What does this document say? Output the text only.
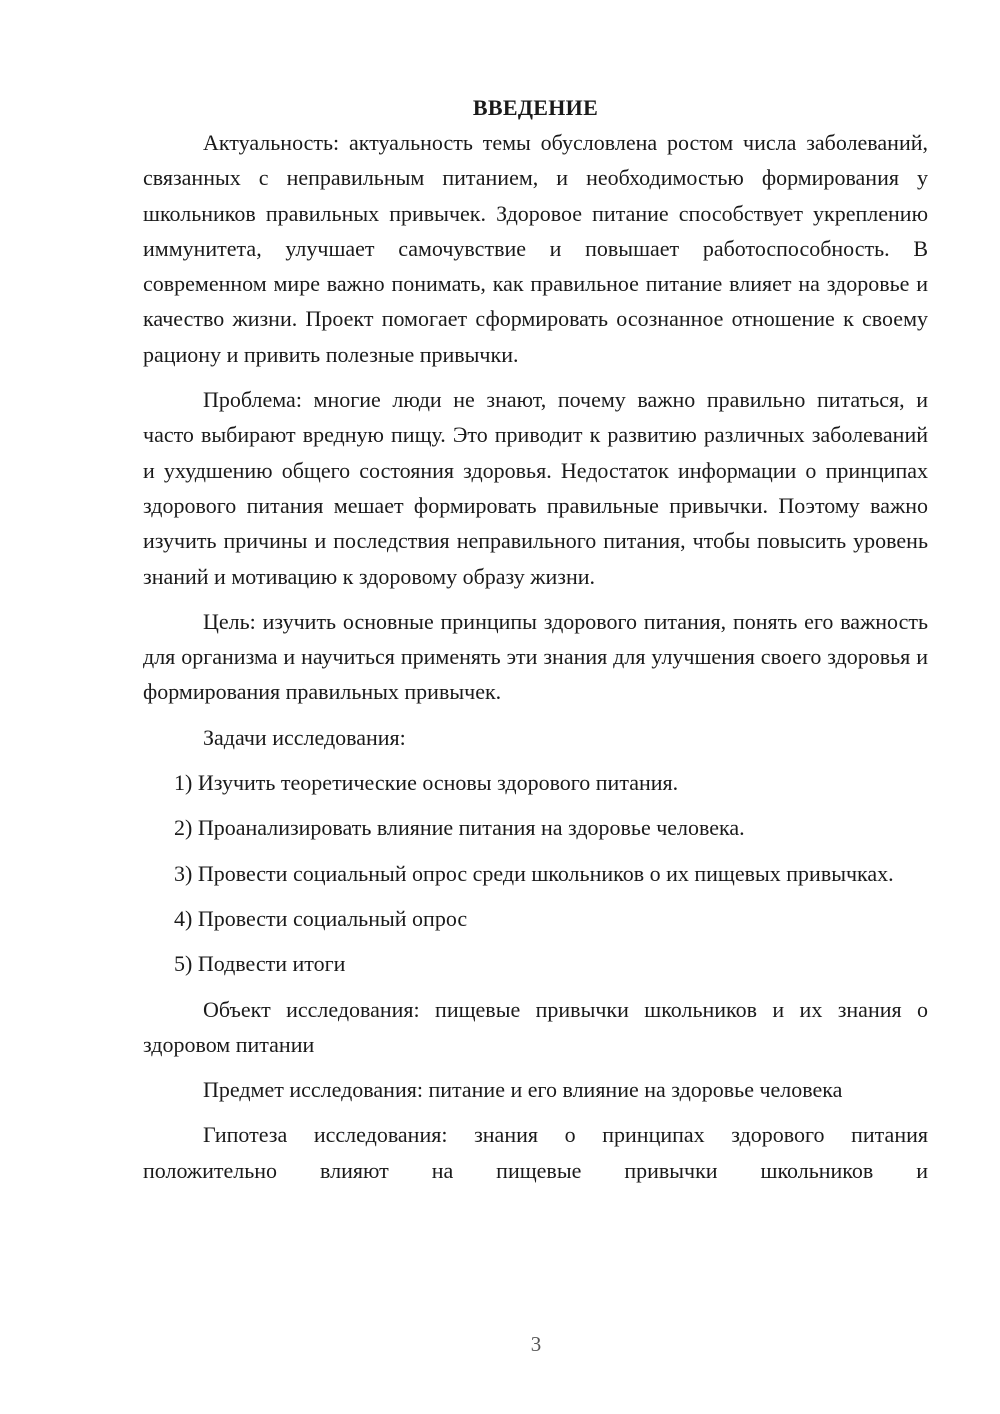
ВВЕДЕНИЕ

Актуальность: актуальность темы обусловлена ростом числа заболеваний, связанных с неправильным питанием, и необходимостью формирования у школьников правильных привычек. Здоровое питание способствует укреплению иммунитета, улучшает самочувствие и повышает работоспособность. В современном мире важно понимать, как правильное питание влияет на здоровье и качество жизни. Проект помогает сформировать осознанное отношение к своему рациону и привить полезные привычки.

Проблема: многие люди не знают, почему важно правильно питаться, и часто выбирают вредную пищу. Это приводит к развитию различных заболеваний и ухудшению общего состояния здоровья. Недостаток информации о принципах здорового питания мешает формировать правильные привычки. Поэтому важно изучить причины и последствия неправильного питания, чтобы повысить уровень знаний и мотивацию к здоровому образу жизни.

Цель: изучить основные принципы здорового питания, понять его важность для организма и научиться применять эти знания для улучшения своего здоровья и формирования правильных привычек.

Задачи исследования:

1) Изучить теоретические основы здорового питания.

2) Проанализировать влияние питания на здоровье человека.

3) Провести социальный опрос среди школьников о их пищевых привычках.

4) Провести социальный опрос

5) Подвести итоги

Объект исследования: пищевые привычки школьников и их знания о здоровом питании

Предмет исследования: питание и его влияние на здоровье человека

Гипотеза исследования: знания о принципах здорового питания положительно влияют на пищевые привычки школьников и

3
